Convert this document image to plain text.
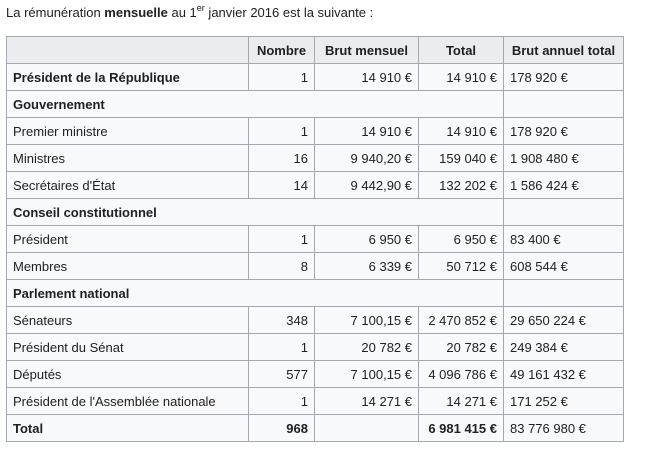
La rémunération mensuelle au 1er janvier 2016 est la suivante :
	Nombre	Brut mensuel	Total	Brut annuel total
Président de la République	1	14 910 €	14 910 €	178 920 €
Gouvernement				
Premier ministre	1	14 910 €	14 910 €	178 920 €
Ministres	16	9 940,20 €	159 040 €	1 908 480 €
Secrétaires d'État	14	9 442,90 €	132 202 €	1 586 424 €
Conseil constitutionnel				
Président	1	6 950 €	6 950 €	83 400 €
Membres	8	6 339 €	50 712 €	608 544 €
Parlement national				
Sénateurs	348	7 100,15 €	2 470 852 €	29 650 224 €
Président du Sénat	1	20 782 €	20 782 €	249 384 €
Députés	577	7 100,15 €	4 096 786 €	49 161 432 €
Président de l'Assemblée nationale	1	14 271 €	14 271 €	171 252 €
Total	968		6 981 415 €	83 776 980 €
